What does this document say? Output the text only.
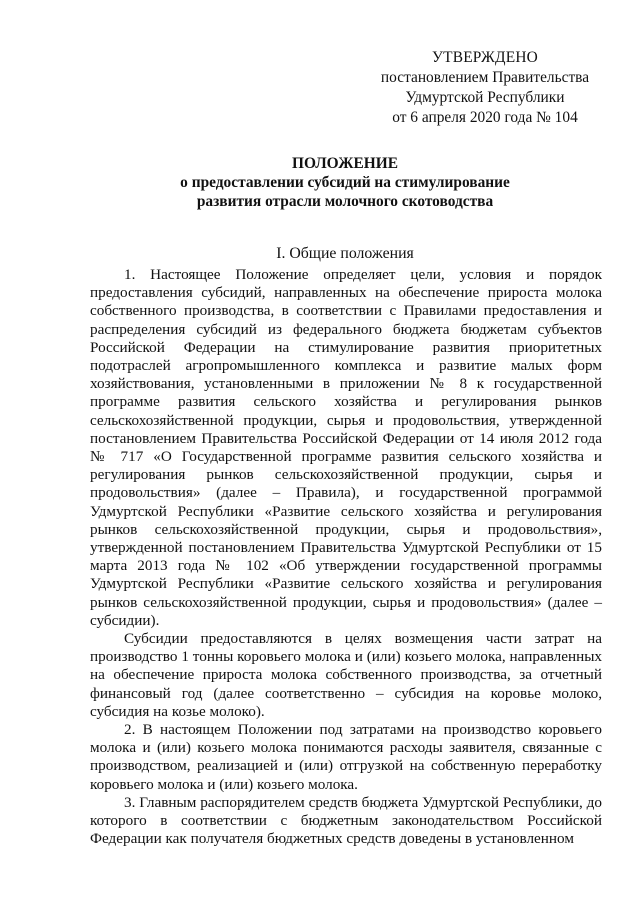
УТВЕРЖДЕНО
постановлением Правительства
Удмуртской Республики
от 6 апреля 2020 года № 104
ПОЛОЖЕНИЕ
о предоставлении субсидий на стимулирование
развития отрасли молочного скотоводства
I. Общие положения

1. Настоящее Положение определяет цели, условия и порядок предоставления субсидий, направленных на обеспечение прироста молока собственного производства, в соответствии с Правилами предоставления и распределения субсидий из федерального бюджета бюджетам субъектов Российской Федерации на стимулирование развития приоритетных подотраслей агропромышленного комплекса и развитие малых форм хозяйствования, установленными в приложении № 8 к государственной программе развития сельского хозяйства и регулирования рынков сельскохозяйственной продукции, сырья и продовольствия, утвержденной постановлением Правительства Российской Федерации от 14 июля 2012 года № 717 «О Государственной программе развития сельского хозяйства и регулирования рынков сельскохозяйственной продукции, сырья и продовольствия» (далее – Правила), и государственной программой Удмуртской Республики «Развитие сельского хозяйства и регулирования рынков сельскохозяйственной продукции, сырья и продовольствия», утвержденной постановлением Правительства Удмуртской Республики от 15 марта 2013 года № 102 «Об утверждении государственной программы Удмуртской Республики «Развитие сельского хозяйства и регулирования рынков сельскохозяйственной продукции, сырья и продовольствия» (далее – субсидии).

Субсидии предоставляются в целях возмещения части затрат на производство 1 тонны коровьего молока и (или) козьего молока, направленных на обеспечение прироста молока собственного производства, за отчетный финансовый год (далее соответственно – субсидия на коровье молоко, субсидия на козье молоко).

2. В настоящем Положении под затратами на производство коровьего молока и (или) козьего молока понимаются расходы заявителя, связанные с производством, реализацией и (или) отгрузкой на собственную переработку коровьего молока и (или) козьего молока.

3. Главным распорядителем средств бюджета Удмуртской Республики, до которого в соответствии с бюджетным законодательством Российской Федерации как получателя бюджетных средств доведены в установленном
